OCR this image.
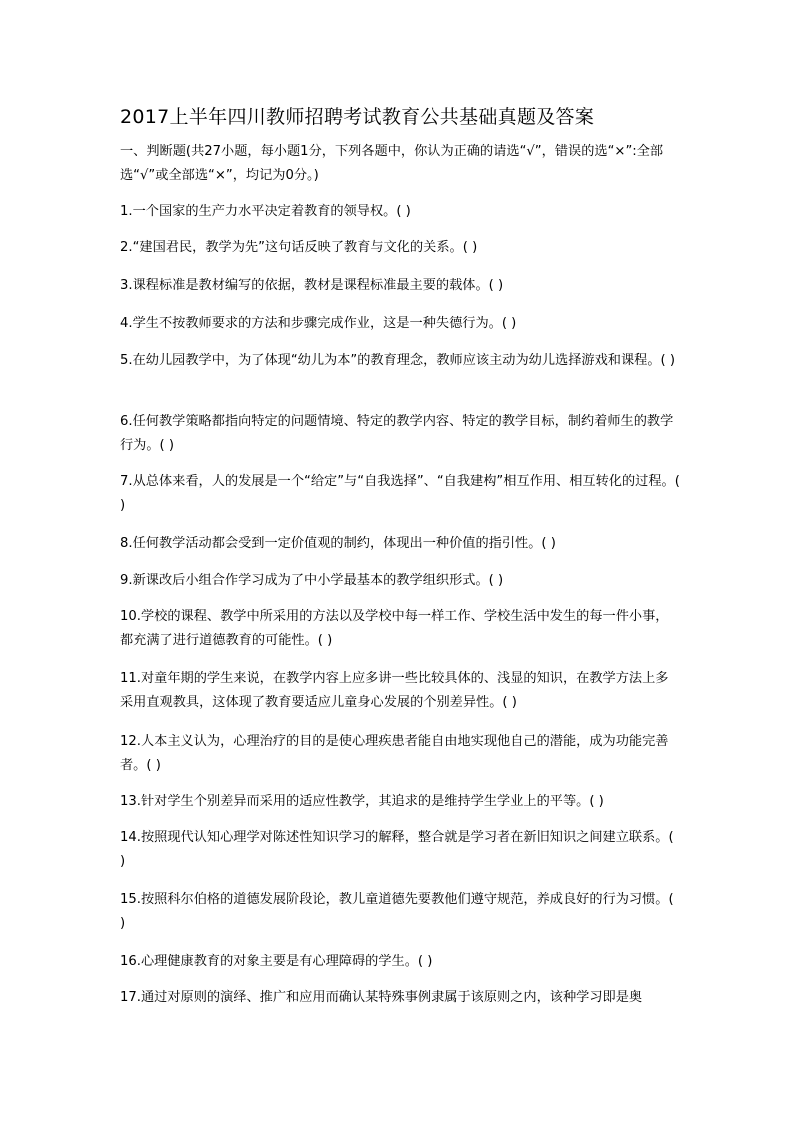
2017上半年四川教师招聘考试教育公共基础真题及答案
一、判断题(共27小题，每小题1分，下列各题中，你认为正确的请选“√”，错误的选“×”:全部选“√”或全部选“×”，均记为0分。)
1.一个国家的生产力水平决定着教育的领导权。( )
2.“建国君民，教学为先”这句话反映了教育与文化的关系。( )
3.课程标准是教材编写的依据，教材是课程标准最主要的载体。( )
4.学生不按教师要求的方法和步骤完成作业，这是一种失德行为。( )
5.在幼儿园教学中，为了体现“幼儿为本”的教育理念，教师应该主动为幼儿选择游戏和课程。( )
6.任何教学策略都指向特定的问题情境、特定的教学内容、特定的教学目标，制约着师生的教学行为。( )
7.从总体来看，人的发展是一个“给定”与“自我选择”、“自我建构”相互作用、相互转化的过程。( )
8.任何教学活动都会受到一定价值观的制约，体现出一种价值的指引性。( )
9.新课改后小组合作学习成为了中小学最基本的教学组织形式。( )
10.学校的课程、教学中所采用的方法以及学校中每一样工作、学校生活中发生的每一件小事，都充满了进行道德教育的可能性。( )
11.对童年期的学生来说，在教学内容上应多讲一些比较具体的、浅显的知识，在教学方法上多采用直观教具，这体现了教育要适应儿童身心发展的个别差异性。( )
12.人本主义认为，心理治疗的目的是使心理疾患者能自由地实现他自己的潜能，成为功能完善者。( )
13.针对学生个别差异而采用的适应性教学，其追求的是维持学生学业上的平等。( )
14.按照现代认知心理学对陈述性知识学习的解释，整合就是学习者在新旧知识之间建立联系。( )
15.按照科尔伯格的道德发展阶段论，教儿童道德先要教他们遵守规范，养成良好的行为习惯。( )
16.心理健康教育的对象主要是有心理障碍的学生。( )
17.通过对原则的演绎、推广和应用而确认某特殊事例隶属于该原则之内，该种学习即是奥
